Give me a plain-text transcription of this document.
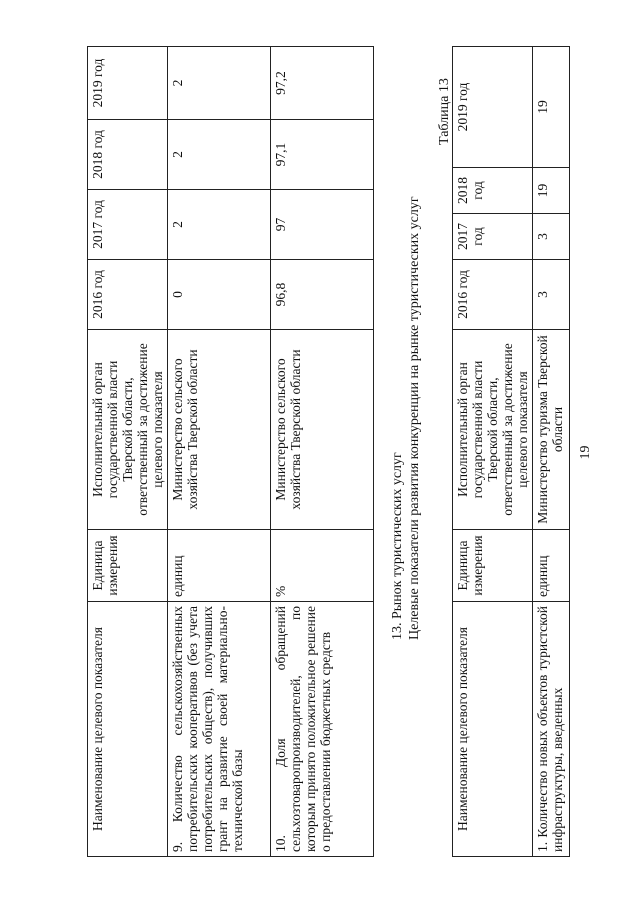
19
Наименование целевого показателя	Единица измерения	Исполнительный орган государственной власти Тверской области, ответственный за достижение целевого показателя	2016 год	2017 год	2018 год	2019 год
9. Количество сельскохозяйственных потребительских кооперативов (без учета потребительских обществ), получивших грант на развитие своей материально-технической базы	единиц	Министерство сельского хозяйства Тверской области	0	2	2	2
10. Доля обращений сельхозтоваропроизводителей, по которым принято положительное решение о предоставлении бюджетных средств	%	Министерство сельского хозяйства Тверской области	96,8	97	97,1	97,2
13. Рынок туристических услуг Целевые показатели развития конкуренции на рынке туристических услуг
Таблица 13
Наименование целевого показателя	Единица измерения	Исполнительный орган государственной власти Тверской области, ответственный за достижение целевого показателя	2016 год	2017 год	2018 год	2019 год
1. Количество новых объектов туристской инфраструктуры, введенных	единиц	Министерство туризма Тверской области	3	3	19	19
